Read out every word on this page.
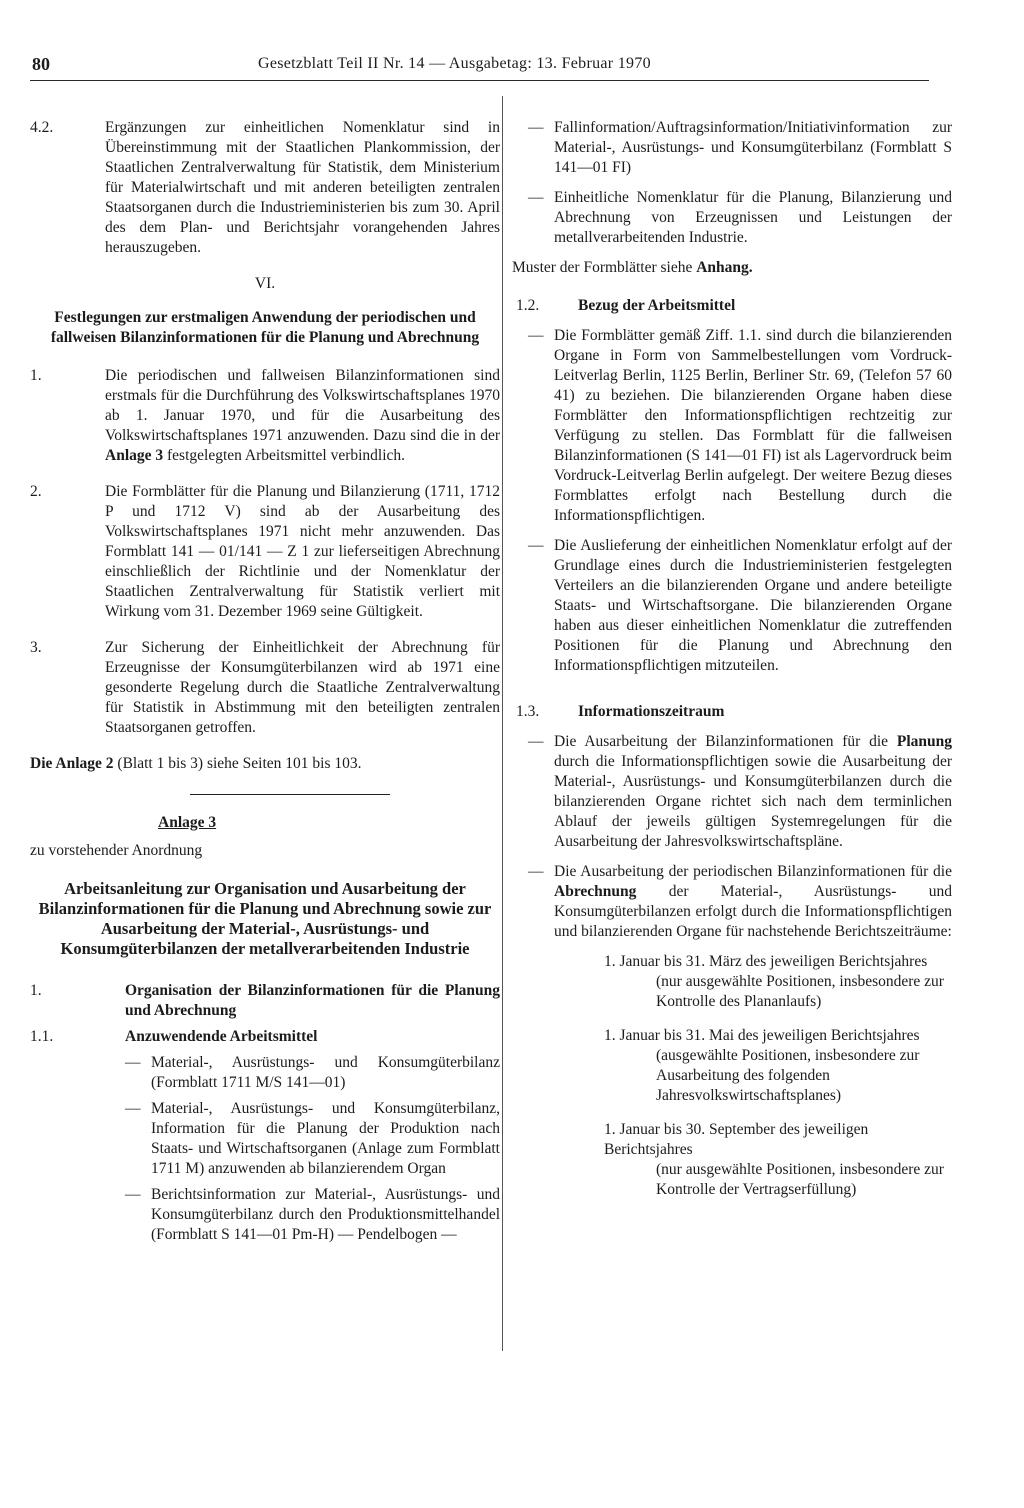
80	Gesetzblatt Teil II Nr. 14 — Ausgabetag: 13. Februar 1970
4.2.	Ergänzungen zur einheitlichen Nomenklatur sind in Übereinstimmung mit der Staatlichen Plankommission, der Staatlichen Zentralverwaltung für Statistik, dem Ministerium für Materialwirtschaft und mit anderen beteiligten zentralen Staatsorganen durch die Industrieministerien bis zum 30. April des dem Plan- und Berichtsjahr vorangehenden Jahres herauszugeben.
VI.
Festlegungen zur erstmaligen Anwendung der periodischen und fallweisen Bilanzinformationen für die Planung und Abrechnung
1.	Die periodischen und fallweisen Bilanzinformationen sind erstmals für die Durchführung des Volkswirtschaftsplanes 1970 ab 1. Januar 1970, und für die Ausarbeitung des Volkswirtschaftsplanes 1971 anzuwenden. Dazu sind die in der Anlage 3 festgelegten Arbeitsmittel verbindlich.
2.	Die Formblätter für die Planung und Bilanzierung (1711, 1712 P und 1712 V) sind ab der Ausarbeitung des Volkswirtschaftsplanes 1971 nicht mehr anzuwenden. Das Formblatt 141 — 01/141 — Z 1 zur lieferseitigen Abrechnung einschließlich der Richtlinie und der Nomenklatur der Staatlichen Zentralverwaltung für Statistik verliert mit Wirkung vom 31. Dezember 1969 seine Gültigkeit.
3.	Zur Sicherung der Einheitlichkeit der Abrechnung für Erzeugnisse der Konsumgüterbilanzen wird ab 1971 eine gesonderte Regelung durch die Staatliche Zentralverwaltung für Statistik in Abstimmung mit den beteiligten zentralen Staatsorganen getroffen.

Die Anlage 2 (Blatt 1 bis 3) siehe Seiten 101 bis 103.

Anlage 3

zu vorstehender Anordnung

Arbeitsanleitung zur Organisation und Ausarbeitung der Bilanzinformationen für die Planung und Abrechnung sowie zur Ausarbeitung der Material-, Ausrüstungs- und Konsumgüterbilanzen der metallverarbeitenden Industrie
1.	Organisation der Bilanzinformationen für die Planung und Abrechnung
1.1.	Anzuwendende Arbeitsmittel
— Material-, Ausrüstungs- und Konsumgüterbilanz (Formblatt 1711 M/S 141—01)
— Material-, Ausrüstungs- und Konsumgüterbilanz, Information für die Planung der Produktion nach Staats- und Wirtschaftsorganen (Anlage zum Formblatt 1711 M) anzuwenden ab bilanzierendem Organ
— Berichtsinformation zur Material-, Ausrüstungs- und Konsumgüterbilanz durch den Produktionsmittelhandel (Formblatt S 141—01 Pm-H) — Pendelbogen —
— Fallinformation/Auftragsinformation/Initiativinformation zur Material-, Ausrüstungs- und Konsumgüterbilanz (Formblatt S 141—01 FI)
— Einheitliche Nomenklatur für die Planung, Bilanzierung und Abrechnung von Erzeugnissen und Leistungen der metallverarbeitenden Industrie.

Muster der Formblätter siehe Anhang.

1.2.	Bezug der Arbeitsmittel
— Die Formblätter gemäß Ziff. 1.1. sind durch die bilanzierenden Organe in Form von Sammelbestellungen vom Vordruck-Leitverlag Berlin, 1125 Berlin, Berliner Str. 69, (Telefon 57 60 41) zu beziehen. Die bilanzierenden Organe haben diese Formblätter den Informationspflichtigen rechtzeitig zur Verfügung zu stellen. Das Formblatt für die fallweisen Bilanzinformationen (S 141—01 FI) ist als Lagervordruck beim Vordruck-Leitverlag Berlin aufgelegt. Der weitere Bezug dieses Formblattes erfolgt nach Bestellung durch die Informationspflichtigen.
— Die Auslieferung der einheitlichen Nomenklatur erfolgt auf der Grundlage eines durch die Industrieministerien festgelegten Verteilers an die bilanzierenden Organe und andere beteiligte Staats- und Wirtschaftsorgane. Die bilanzierenden Organe haben aus dieser einheitlichen Nomenklatur die zutreffenden Positionen für die Planung und Abrechnung den Informationspflichtigen mitzuteilen.
1.3.	Informationszeitraum
— Die Ausarbeitung der Bilanzinformationen für die Planung durch die Informationspflichtigen sowie die Ausarbeitung der Material-, Ausrüstungs- und Konsumgüterbilanzen durch die bilanzierenden Organe richtet sich nach dem terminlichen Ablauf der jeweils gültigen Systemregelungen für die Ausarbeitung der Jahresvolkswirtschaftspläne.
— Die Ausarbeitung der periodischen Bilanzinformationen für die Abrechnung der Material-, Ausrüstungs- und Konsumgüterbilanzen erfolgt durch die Informationspflichtigen und bilanzierenden Organe für nachstehende Berichtszeiträume:
1. Januar bis 31. März des jeweiligen Berichtsjahres
(nur ausgewählte Positionen, insbesondere zur Kontrolle des Plananlaufs)
1. Januar bis 31. Mai des jeweiligen Berichtsjahres
(ausgewählte Positionen, insbesondere zur Ausarbeitung des folgenden Jahresvolkswirtschaftsplanes)
1. Januar bis 30. September des jeweiligen Berichtsjahres
(nur ausgewählte Positionen, insbesondere zur Kontrolle der Vertragserfüllung)
